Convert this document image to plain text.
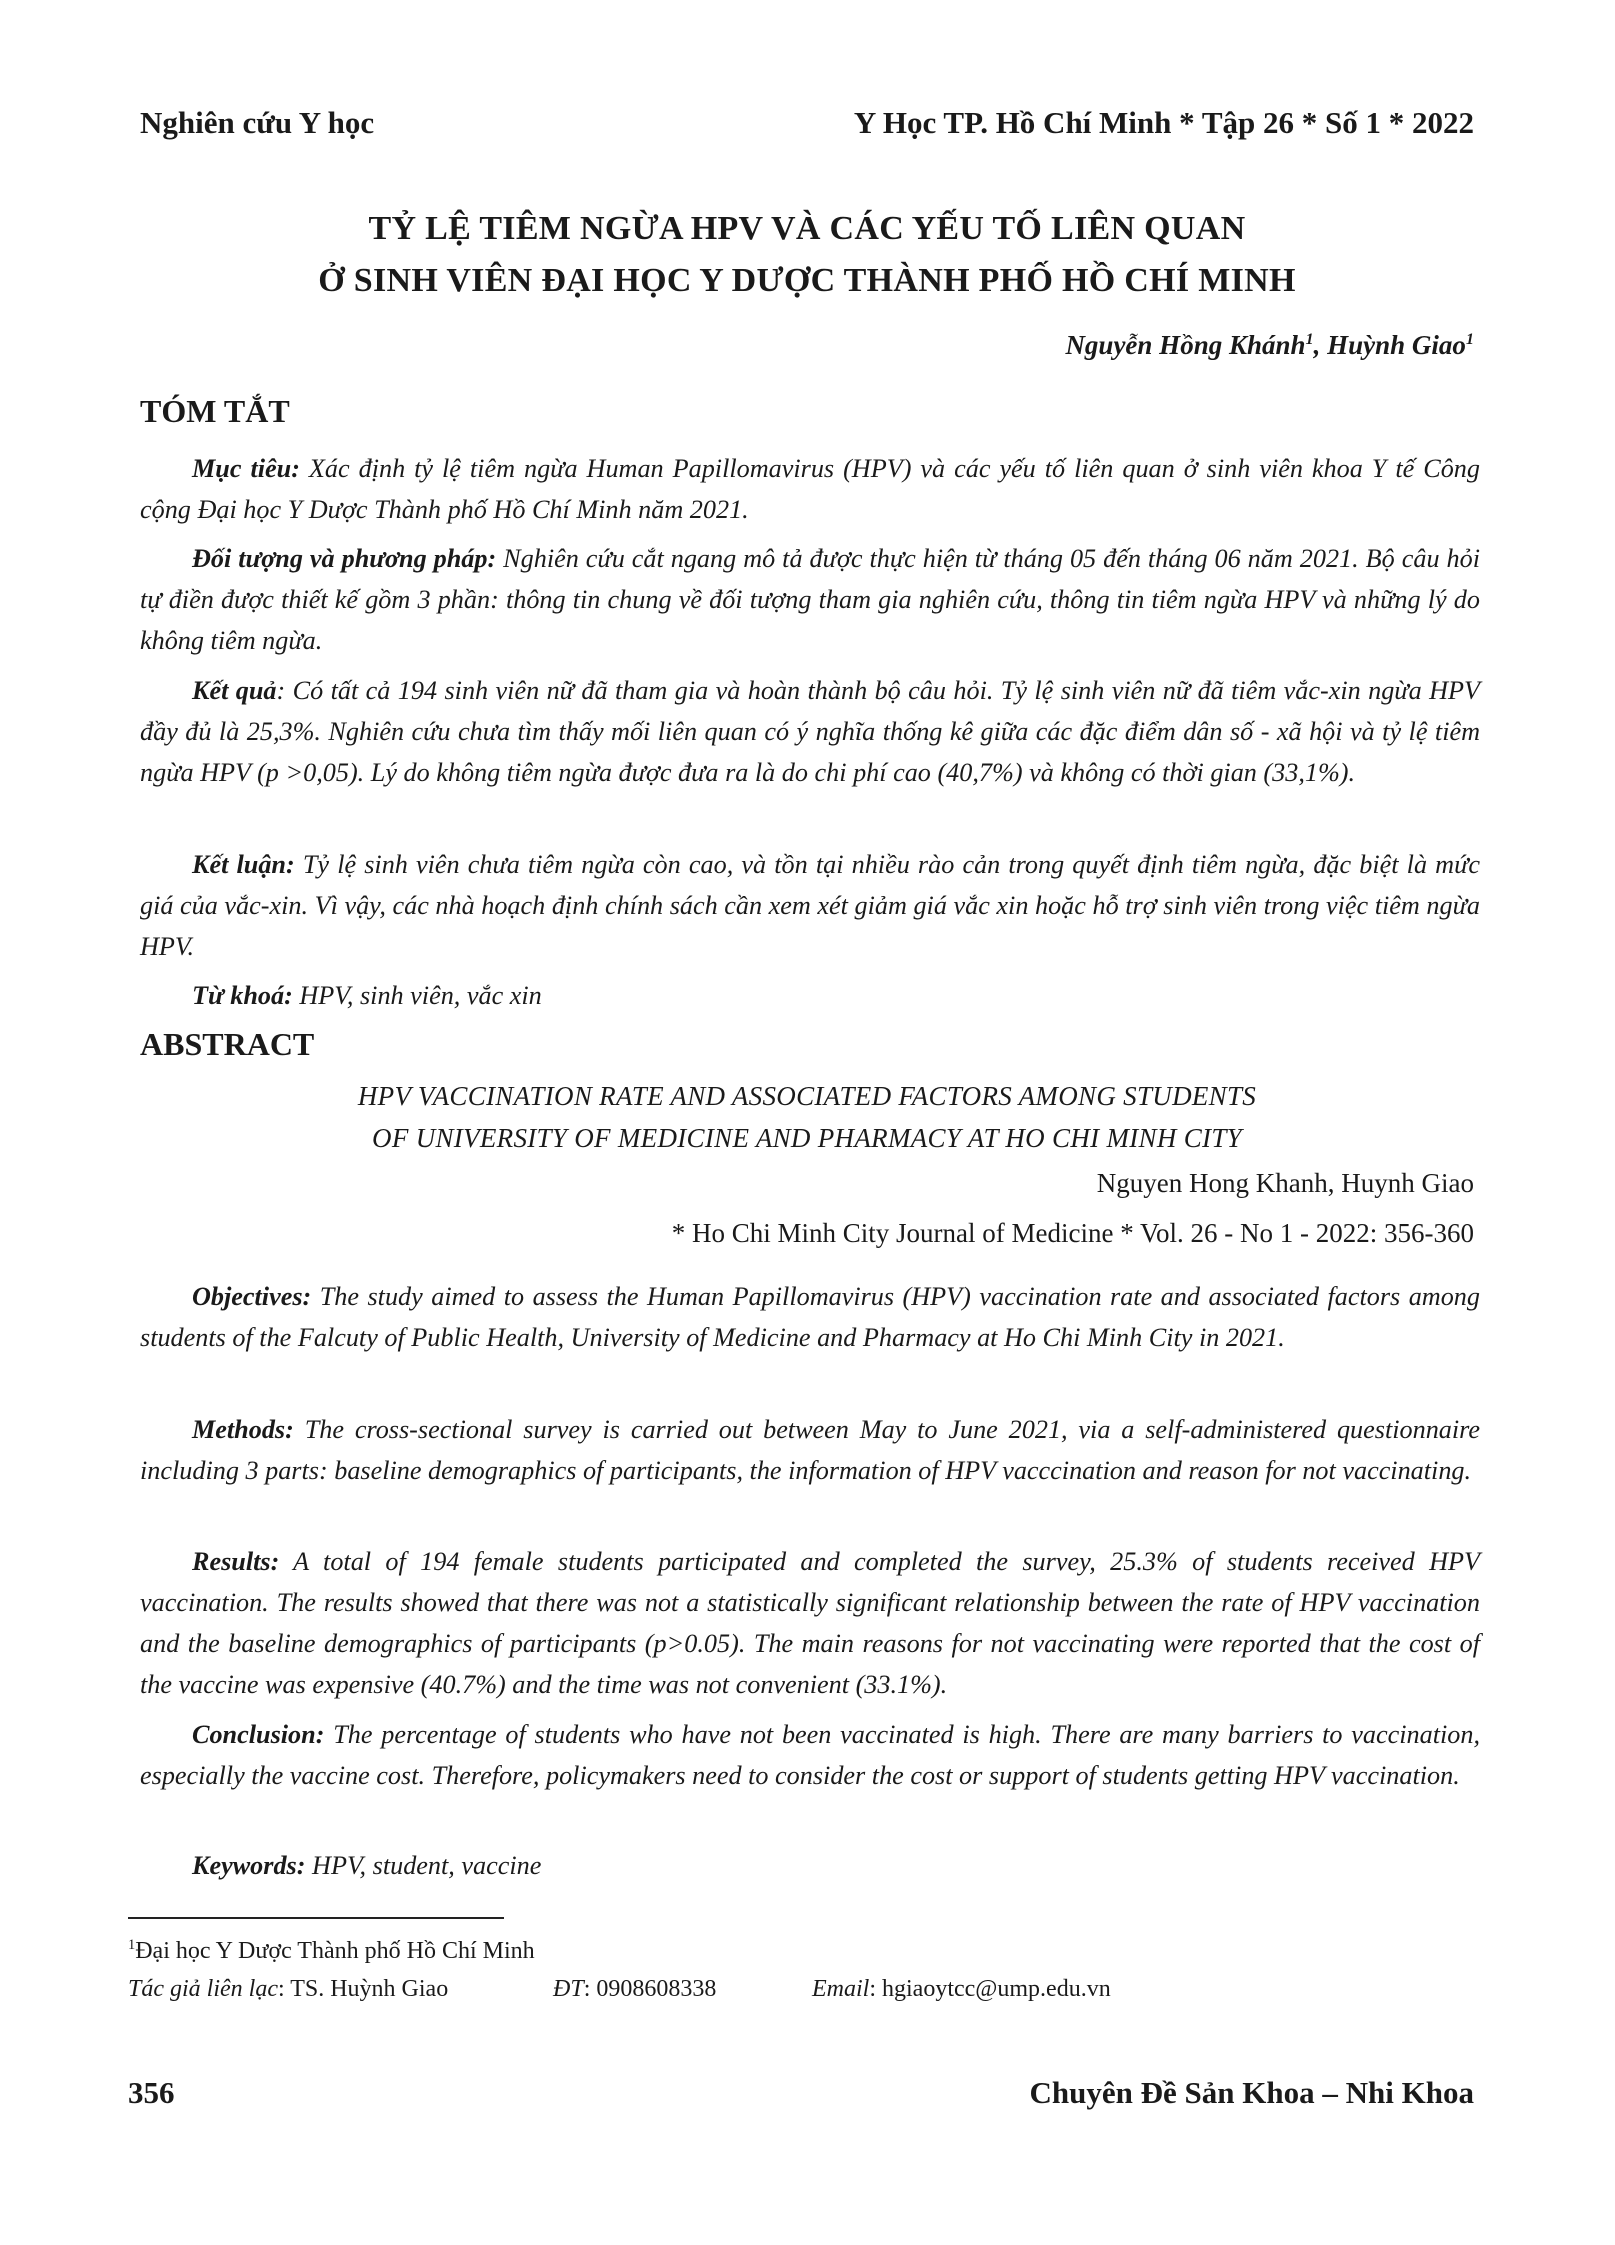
Nghiên cứu Y học	Y Học TP. Hồ Chí Minh * Tập 26 * Số 1 * 2022
TỶ LỆ TIÊM NGỪA HPV VÀ CÁC YẾU TỐ LIÊN QUAN
Ở SINH VIÊN ĐẠI HỌC Y DƯỢC THÀNH PHỐ HỒ CHÍ MINH
Nguyễn Hồng Khánh$^1$, Huỳnh Giao$^1$
TÓM TẮT

Mục tiêu: Xác định tỷ lệ tiêm ngừa Human Papillomavirus (HPV) và các yếu tố liên quan ở sinh viên khoa Y tế Công cộng Đại học Y Dược Thành phố Hồ Chí Minh năm 2021.

Đối tượng và phương pháp: Nghiên cứu cắt ngang mô tả được thực hiện từ tháng 05 đến tháng 06 năm 2021. Bộ câu hỏi tự điền được thiết kế gồm 3 phần: thông tin chung về đối tượng tham gia nghiên cứu, thông tin tiêm ngừa HPV và những lý do không tiêm ngừa.

Kết quả: Có tất cả 194 sinh viên nữ đã tham gia và hoàn thành bộ câu hỏi. Tỷ lệ sinh viên nữ đã tiêm vắc-xin ngừa HPV đầy đủ là 25,3%. Nghiên cứu chưa tìm thấy mối liên quan có ý nghĩa thống kê giữa các đặc điểm dân số - xã hội và tỷ lệ tiêm ngừa HPV (p >0,05). Lý do không tiêm ngừa được đưa ra là do chi phí cao (40,7%) và không có thời gian (33,1%).

Kết luận: Tỷ lệ sinh viên chưa tiêm ngừa còn cao, và tồn tại nhiều rào cản trong quyết định tiêm ngừa, đặc biệt là mức giá của vắc-xin. Vì vậy, các nhà hoạch định chính sách cần xem xét giảm giá vắc xin hoặc hỗ trợ sinh viên trong việc tiêm ngừa HPV.

Từ khoá: HPV, sinh viên, vắc xin

ABSTRACT
HPV VACCINATION RATE AND ASSOCIATED FACTORS AMONG STUDENTS
OF UNIVERSITY OF MEDICINE AND PHARMACY AT HO CHI MINH CITY
Nguyen Hong Khanh, Huynh Giao
* Ho Chi Minh City Journal of Medicine * Vol. 26 - No 1 - 2022: 356-360

Objectives: The study aimed to assess the Human Papillomavirus (HPV) vaccination rate and associated factors among students of the Falcuty of Public Health, University of Medicine and Pharmacy at Ho Chi Minh City in 2021.

Methods: The cross-sectional survey is carried out between May to June 2021, via a self-administered questionnaire including 3 parts: baseline demographics of participants, the information of HPV vacccination and reason for not vaccinating.

Results: A total of 194 female students participated and completed the survey, 25.3% of students received HPV vaccination. The results showed that there was not a statistically significant relationship between the rate of HPV vaccination and the baseline demographics of participants (p>0.05). The main reasons for not vaccinating were reported that the cost of the vaccine was expensive (40.7%) and the time was not convenient (33.1%).

Conclusion: The percentage of students who have not been vaccinated is high. There are many barriers to vaccination, especially the vaccine cost. Therefore, policymakers need to consider the cost or support of students getting HPV vaccination.

Keywords: HPV, student, vaccine

$^1$Đại học Y Dược Thành phố Hồ Chí Minh
Tác giả liên lạc: TS. Huỳnh Giao	ĐT: 0908608338	Email: hgiaoytcc@ump.edu.vn
356	Chuyên Đề Sản Khoa – Nhi Khoa
